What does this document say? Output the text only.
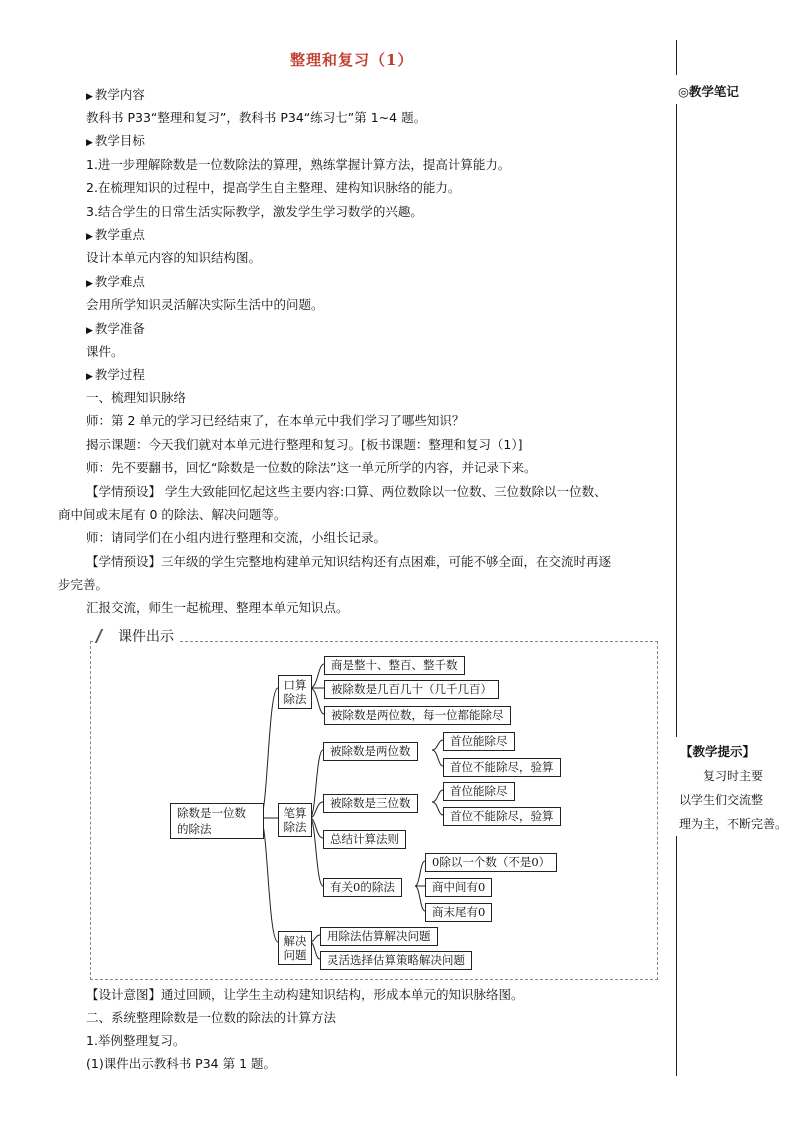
整理和复习（1）
◎教学笔记
【教学提示】
复习时主要
以学生们交流整
理为主，不断完善。
▶ 教学内容
教科书 P33“整理和复习”，教科书 P34“练习七”第 1~4 题。
▶ 教学目标
1.进一步理解除数是一位数除法的算理，熟练掌握计算方法，提高计算能力。
2.在梳理知识的过程中，提高学生自主整理、建构知识脉络的能力。
3.结合学生的日常生活实际教学，激发学生学习数学的兴趣。
▶ 教学重点
设计本单元内容的知识结构图。
▶ 教学难点
会用所学知识灵活解决实际生活中的问题。
▶ 教学准备
课件。
▶ 教学过程
一、梳理知识脉络
师：第 2 单元的学习已经结束了，在本单元中我们学习了哪些知识？
揭示课题：今天我们就对本单元进行整理和复习。[板书课题：整理和复习（1）]
师：先不要翻书，回忆“除数是一位数的除法”这一单元所学的内容，并记录下来。
【学情预设】 学生大致能回忆起这些主要内容:口算、两位数除以一位数、三位数除以一位数、
商中间或末尾有 0 的除法、解决问题等。
师：请同学们在小组内进行整理和交流，小组长记录。
【学情预设】三年级的学生完整地构建单元知识结构还有点困难，可能不够全面，在交流时再逐
步完善。
汇报交流，师生一起梳理、整理本单元知识点。
课件出示
除数是一位数的除法
口算除法
商是整十、整百、整千数
被除数是几百几十（几千几百）
被除数是两位数，每一位都能除尽
笔算除法
被除数是两位数
首位能除尽
首位不能除尽，验算
被除数是三位数
首位能除尽
首位不能除尽，验算
总结计算法则
有关0的除法
0除以一个数（不是0）
商中间有0
商末尾有0
解决问题
用除法估算解决问题
灵活选择估算策略解决问题
【设计意图】通过回顾，让学生主动构建知识结构，形成本单元的知识脉络图。
二、系统整理除数是一位数的除法的计算方法
1.举例整理复习。
(1)课件出示教科书 P34 第 1 题。
